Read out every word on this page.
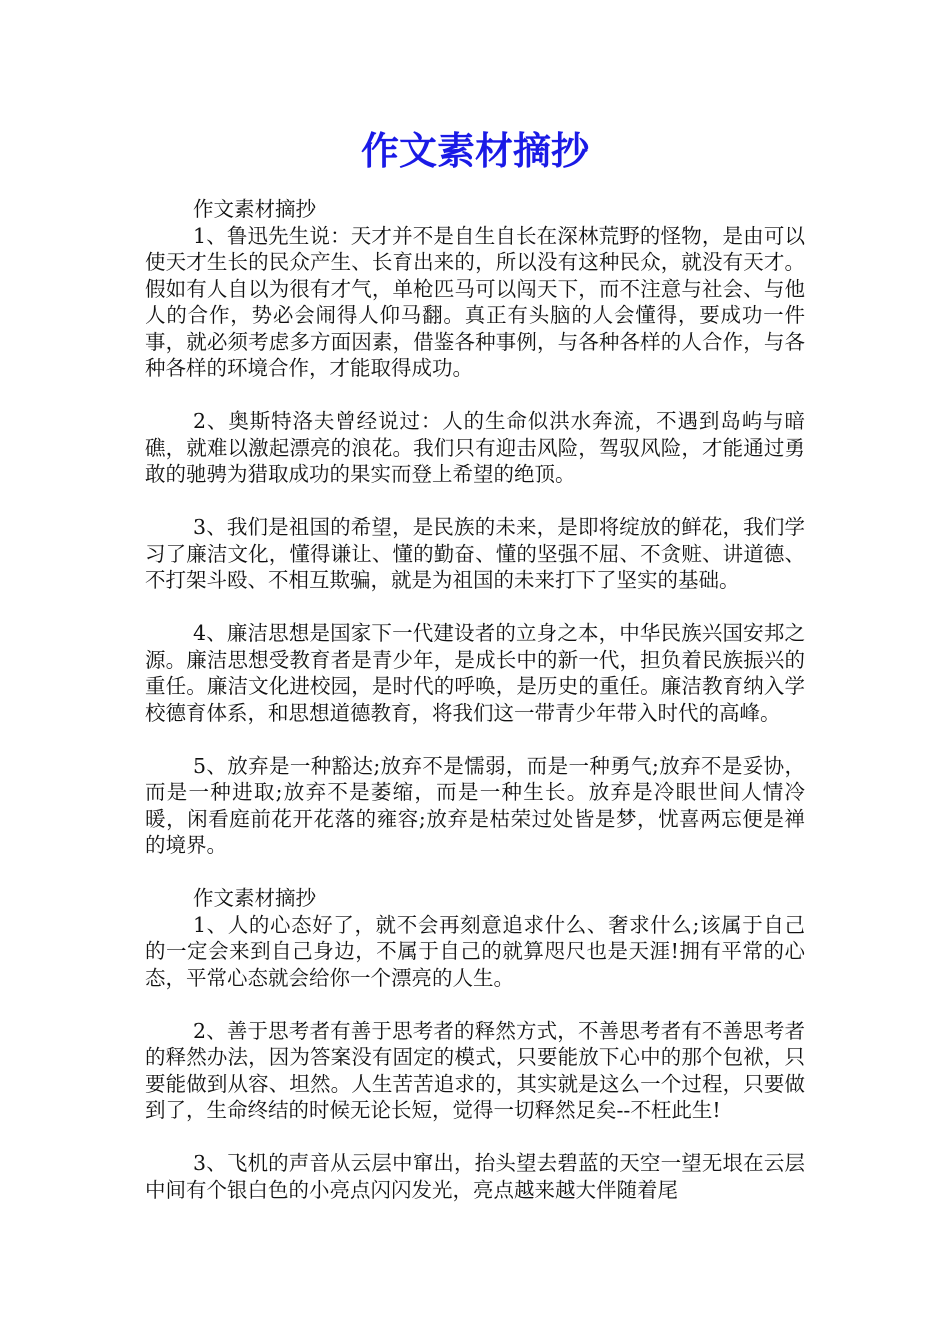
作文素材摘抄

作文素材摘抄

1、鲁迅先生说：天才并不是自生自长在深林荒野的怪物，是由可以使天才生长的民众产生、长育出来的，所以没有这种民众，就没有天才。假如有人自以为很有才气，单枪匹马可以闯天下，而不注意与社会、与他人的合作，势必会闹得人仰马翻。真正有头脑的人会懂得，要成功一件事，就必须考虑多方面因素，借鉴各种事例，与各种各样的人合作，与各种各样的环境合作，才能取得成功。

2、奥斯特洛夫曾经说过：人的生命似洪水奔流，不遇到岛屿与暗礁，就难以激起漂亮的浪花。我们只有迎击风险，驾驭风险，才能通过勇敢的驰骋为猎取成功的果实而登上希望的绝顶。

3、我们是祖国的希望，是民族的未来，是即将绽放的鲜花，我们学习了廉洁文化，懂得谦让、懂的勤奋、懂的坚强不屈、不贪赃、讲道德、不打架斗殴、不相互欺骗，就是为祖国的未来打下了坚实的基础。

4、廉洁思想是国家下一代建设者的立身之本，中华民族兴国安邦之源。廉洁思想受教育者是青少年，是成长中的新一代，担负着民族振兴的重任。廉洁文化进校园，是时代的呼唤，是历史的重任。廉洁教育纳入学校德育体系，和思想道德教育，将我们这一带青少年带入时代的高峰。

5、放弃是一种豁达;放弃不是懦弱，而是一种勇气;放弃不是妥协，而是一种进取;放弃不是萎缩，而是一种生长。放弃是冷眼世间人情冷暖，闲看庭前花开花落的雍容;放弃是枯荣过处皆是梦，忧喜两忘便是禅的境界。

作文素材摘抄

1、人的心态好了，就不会再刻意追求什么、奢求什么;该属于自己的一定会来到自己身边，不属于自己的就算咫尺也是天涯!拥有平常的心态，平常心态就会给你一个漂亮的人生。

2、善于思考者有善于思考者的释然方式，不善思考者有不善思考者的释然办法，因为答案没有固定的模式，只要能放下心中的那个包袱，只要能做到从容、坦然。人生苦苦追求的，其实就是这么一个过程，只要做到了，生命终结的时候无论长短，觉得一切释然足矣--不枉此生!

3、飞机的声音从云层中窜出，抬头望去碧蓝的天空一望无垠在云层中间有个银白色的小亮点闪闪发光，亮点越来越大伴随着尾
